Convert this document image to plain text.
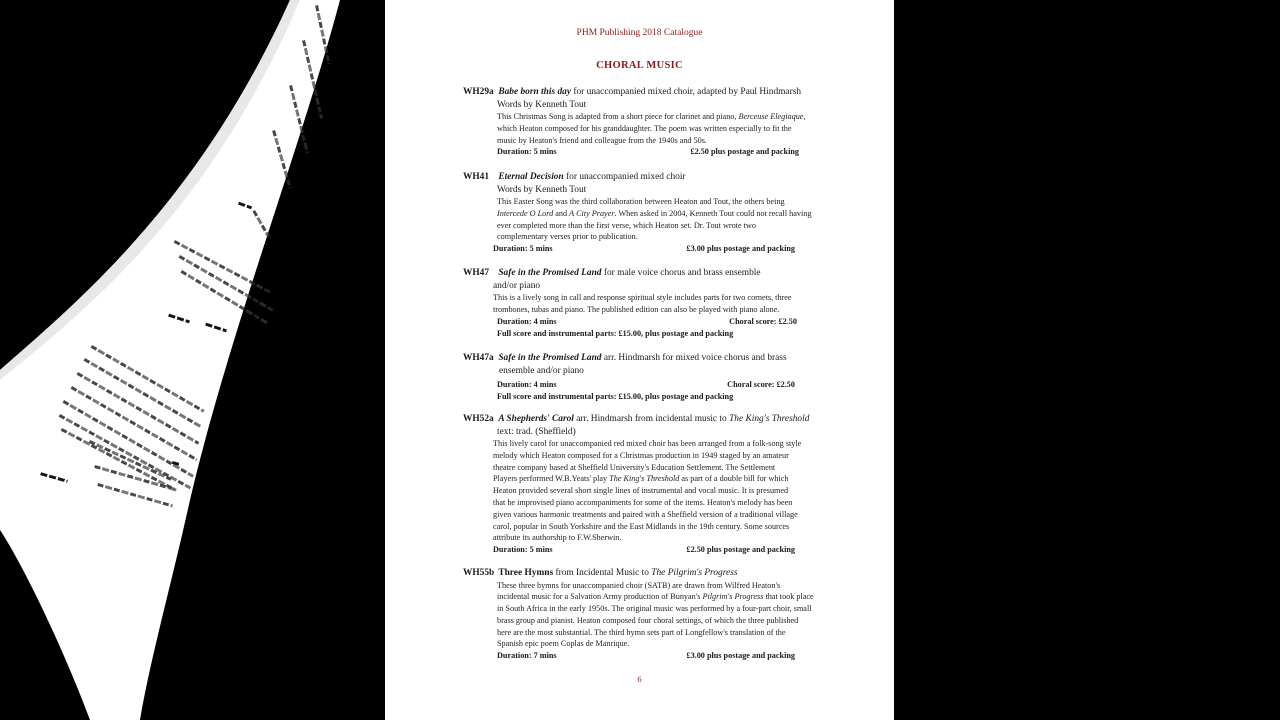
PHM Publishing 2018 Catalogue
CHORAL MUSIC
WH29a Babe born this day for unaccompanied mixed choir, adapted by Paul Hindmarsh
Words by Kenneth Tout
This Christmas Song is adapted from a short piece for clarinet and piano, Berceuse Elegiaque,
which Heaton composed for his granddaughter. The poem was written especially to fit the
music by Heaton's friend and colleague from the 1940s and 50s.
Duration: 5 mins	£2.50 plus postage and packing
WH41 Eternal Decision for unaccompanied mixed choir
Words by Kenneth Tout
This Easter Song was the third collaboration between Heaton and Tout, the others being
Intercede O Lord and A City Prayer. When asked in 2004, Kenneth Tout could not recall having
ever completed more than the first verse, which Heaton set. Dr. Tout wrote two
complementary verses prior to publication.
Duration: 5 mins	£3.00 plus postage and packing
WH47 Safe in the Promised Land for male voice chorus and brass ensemble
and/or piano
This is a lively song in call and response spiritual style includes parts for two cornets, three
trombones, tubas and piano. The published edition can also be played with piano alone.
Duration: 4 mins	Choral score: £2.50
Full score and instrumental parts: £15.00, plus postage and packing
WH47a Safe in the Promised Land arr. Hindmarsh for mixed voice chorus and brass
ensemble and/or piano
Duration: 4 mins	Choral score: £2.50
Full score and instrumental parts: £15.00, plus postage and packing
WH52a A Shepherds' Carol arr. Hindmarsh from incidental music to The King's Threshold
text: trad. (Sheffield)
This lively carol for unaccompanied red mixed choir has been arranged from a folk-song style
melody which Heaton composed for a Christmas production in 1949 staged by an amateur
theatre company based at Sheffield University's Education Settlement. The Settlement
Players performed W.B.Yeats' play The King's Threshold as part of a double bill for which
Heaton provided several short single lines of instrumental and vocal music. It is presumed
that he improvised piano accompaniments for some of the items. Heaton's melody has been
given various harmonic treatments and paired with a Sheffield version of a traditional village
carol, popular in South Yorkshire and the East Midlands in the 19th century. Some sources
attribute its authorship to F.W.Sherwin.
Duration: 5 mins	£2.50 plus postage and packing
WH55b Three Hymns from Incidental Music to The Pilgrim's Progress
These three hymns for unaccompanied choir (SATB) are drawn from Wilfred Heaton's
incidental music for a Salvation Army production of Bunyan's Pilgrim's Progress that took place
in South Africa in the early 1950s. The original music was performed by a four-part choir, small
brass group and pianist. Heaton composed four choral settings, of which the three published
here are the most substantial. The third hymn sets part of Longfellow's translation of the
Spanish epic poem Coplas de Manrique.
Duration: 7 mins	£3.00 plus postage and packing
6
